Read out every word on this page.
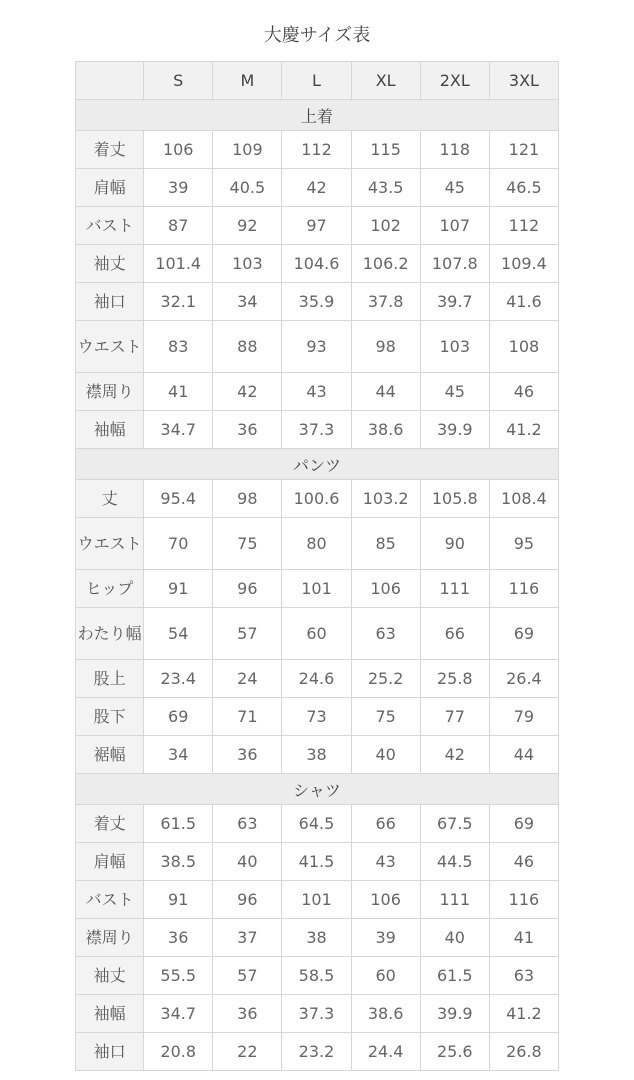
大慶サイズ表
	S	M	L	XL	2XL	3XL
上着						
着丈	106	109	112	115	118	121
肩幅	39	40.5	42	43.5	45	46.5
バスト	87	92	97	102	107	112
袖丈	101.4	103	104.6	106.2	107.8	109.4
袖口	32.1	34	35.9	37.8	39.7	41.6
ウエスト	83	88	93	98	103	108
襟周り	41	42	43	44	45	46
袖幅	34.7	36	37.3	38.6	39.9	41.2
パンツ						
丈	95.4	98	100.6	103.2	105.8	108.4
ウエスト	70	75	80	85	90	95
ヒップ	91	96	101	106	111	116
わたり幅	54	57	60	63	66	69
股上	23.4	24	24.6	25.2	25.8	26.4
股下	69	71	73	75	77	79
裾幅	34	36	38	40	42	44
シャツ						
着丈	61.5	63	64.5	66	67.5	69
肩幅	38.5	40	41.5	43	44.5	46
バスト	91	96	101	106	111	116
襟周り	36	37	38	39	40	41
袖丈	55.5	57	58.5	60	61.5	63
袖幅	34.7	36	37.3	38.6	39.9	41.2
袖口	20.8	22	23.2	24.4	25.6	26.8
